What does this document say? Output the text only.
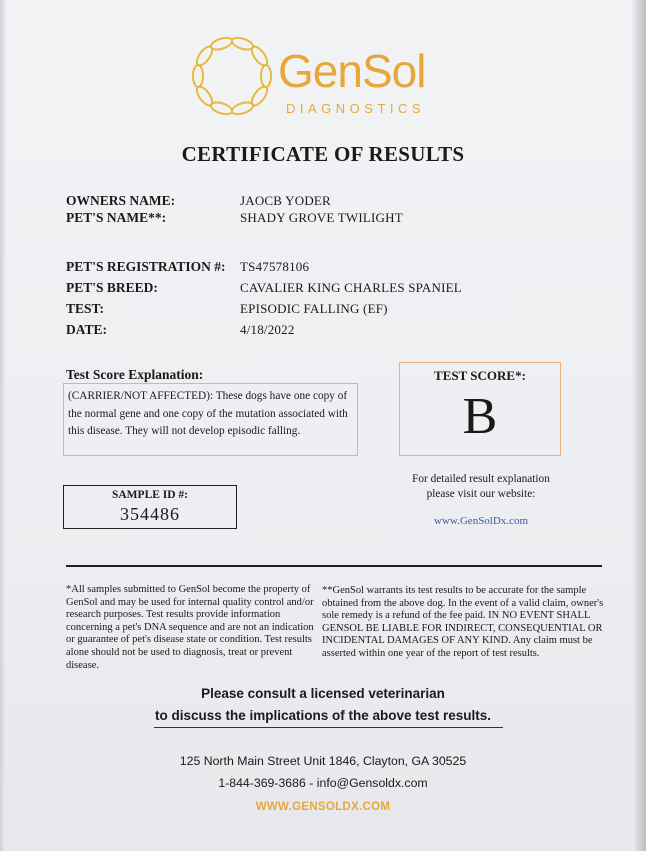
GenSol
DIAGNOSTICS
CERTIFICATE OF RESULTS
OWNERS NAME:	JAOCB YODER
PET'S NAME**:	SHADY GROVE TWILIGHT
PET'S REGISTRATION #: TS47578106
PET'S BREED:	CAVALIER KING CHARLES SPANIEL
TEST:	EPISODIC FALLING (EF)
DATE:	4/18/2022
Test Score Explanation:
(CARRIER/NOT AFFECTED): These dogs have one copy of
the normal gene and one copy of the mutation associated with
this disease. They will not develop episodic falling.
TEST SCORE*:
B
For detailed result explanation
please visit our website:
www.GenSolDx.com
SAMPLE ID #:
354486
*All samples submitted to GenSol become the property of
GenSol and may be used for internal quality control and/or
research purposes. Test results provide information
concerning a pet's DNA sequence and are not an indication
or guarantee of pet's disease state or condition. Test results
alone should not be used to diagnosis, treat or prevent
disease.
**GenSol warrants its test results to be accurate for the sample
obtained from the above dog. In the event of a valid claim, owner's
sole remedy is a refund of the fee paid. IN NO EVENT SHALL
GENSOL BE LIABLE FOR INDIRECT, CONSEQUENTIAL OR
INCIDENTAL DAMAGES OF ANY KIND. Any claim must be
asserted within one year of the report of test results.
Please consult a licensed veterinarian
to discuss the implications of the above test results.
125 North Main Street Unit 1846, Clayton, GA 30525
1-844-369-3686 - info@Gensoldx.com
WWW.GENSOLDX.COM
